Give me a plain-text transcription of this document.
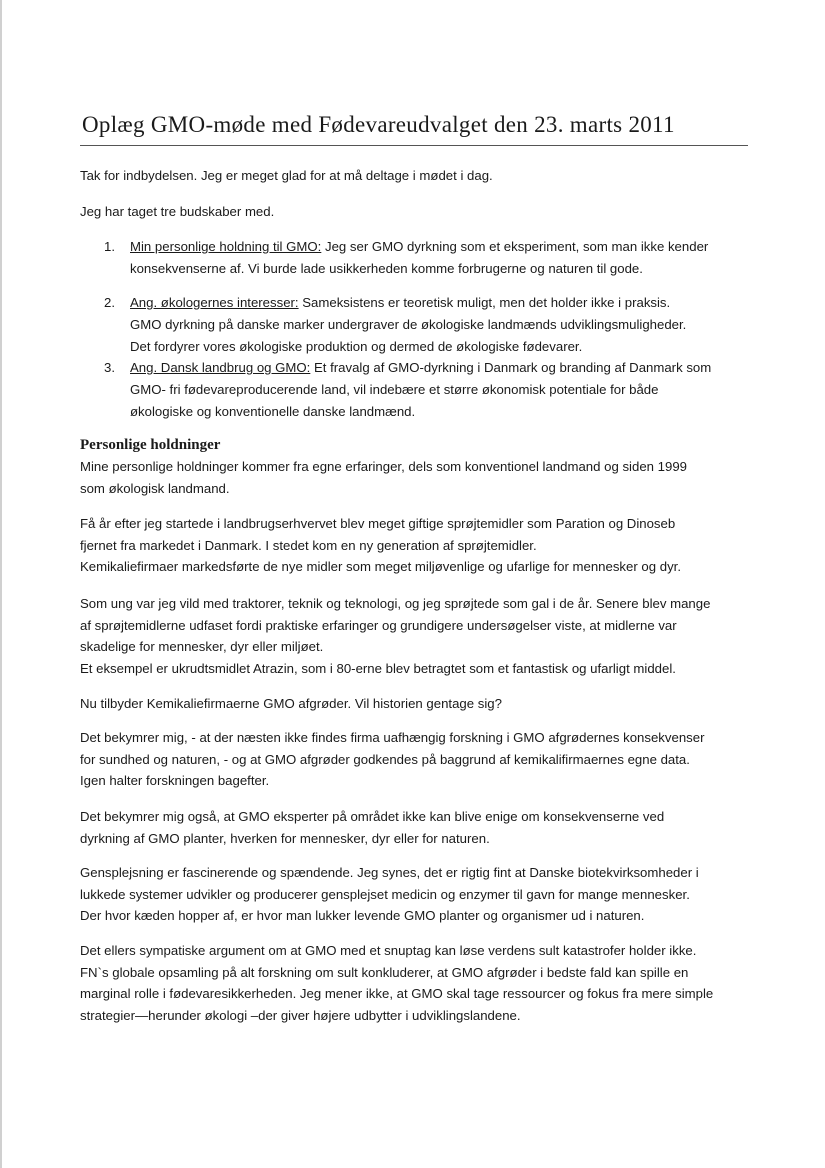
Oplæg GMO-møde med Fødevareudvalget den 23. marts 2011

Tak for indbydelsen. Jeg er meget glad for at må deltage i mødet i dag.

Jeg har taget tre budskaber med.

1. Min personlige holdning til GMO: Jeg ser GMO dyrkning som et eksperiment, som man ikke kender
konsekvenserne af. Vi burde lade usikkerheden komme forbrugerne og naturen til gode.
2. Ang. økologernes interesser: Sameksistens er teoretisk muligt, men det holder ikke i praksis.
GMO dyrkning på danske marker undergraver de økologiske landmænds udviklingsmuligheder.
Det fordyrer vores økologiske produktion og dermed de økologiske fødevarer.
3. Ang. Dansk landbrug og GMO: Et fravalg af GMO-dyrkning i Danmark og branding af Danmark som
GMO- fri fødevareproducerende land, vil indebære et større økonomisk potentiale for både
økologiske og konventionelle danske landmænd.
Personlige holdninger
Mine personlige holdninger kommer fra egne erfaringer, dels som konventionel landmand og siden 1999
som økologisk landmand.
Få år efter jeg startede i landbrugserhvervet blev meget giftige sprøjtemidler som Paration og Dinoseb
fjernet fra markedet i Danmark. I stedet kom en ny generation af sprøjtemidler.
Kemikaliefirmaer markedsførte de nye midler som meget miljøvenlige og ufarlige for mennesker og dyr.
Som ung var jeg vild med traktorer, teknik og teknologi, og jeg sprøjtede som gal i de år. Senere blev mange
af sprøjtemidlerne udfaset fordi praktiske erfaringer og grundigere undersøgelser viste, at midlerne var
skadelige for mennesker, dyr eller miljøet.
Et eksempel er ukrudtsmidlet Atrazin, som i 80-erne blev betragtet som et fantastisk og ufarligt middel.
Nu tilbyder Kemikaliefirmaerne GMO afgrøder. Vil historien gentage sig?
Det bekymrer mig, - at der næsten ikke findes firma uafhængig forskning i GMO afgrødernes konsekvenser
for sundhed og naturen, - og at GMO afgrøder godkendes på baggrund af kemikalifirmaernes egne data.
Igen halter forskningen bagefter.
Det bekymrer mig også, at GMO eksperter på området ikke kan blive enige om konsekvenserne ved
dyrkning af GMO planter, hverken for mennesker, dyr eller for naturen.
Gensplejsning er fascinerende og spændende. Jeg synes, det er rigtig fint at Danske biotekvirksomheder i
lukkede systemer udvikler og producerer gensplejset medicin og enzymer til gavn for mange mennesker.
Der hvor kæden hopper af, er hvor man lukker levende GMO planter og organismer ud i naturen.
Det ellers sympatiske argument om at GMO med et snuptag kan løse verdens sult katastrofer holder ikke.
FN`s globale opsamling på alt forskning om sult konkluderer, at GMO afgrøder i bedste fald kan spille en
marginal rolle i fødevaresikkerheden. Jeg mener ikke, at GMO skal tage ressourcer og fokus fra mere simple
strategier—herunder økologi –der giver højere udbytter i udviklingslandene.
